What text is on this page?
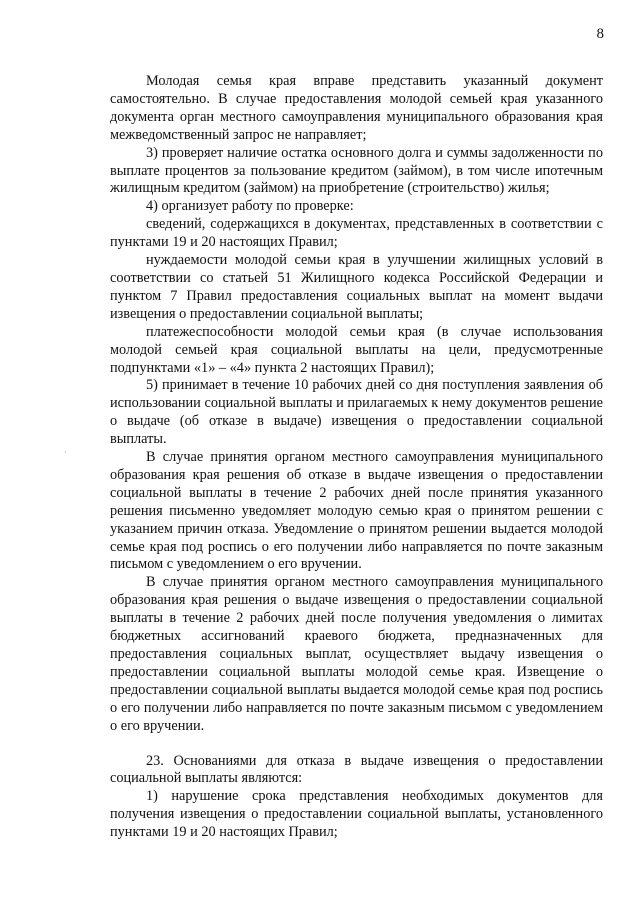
8
·

Молодая семья края вправе представить указанный документ самостоятельно. В случае предоставления молодой семьей края указанного документа орган местного самоуправления муниципального образования края межведомственный запрос не направляет;

3) проверяет наличие остатка основного долга и суммы задолженности по выплате процентов за пользование кредитом (займом), в том числе ипотечным жилищным кредитом (займом) на приобретение (строительство) жилья;

4) организует работу по проверке:

сведений, содержащихся в документах, представленных в соответствии с пунктами 19 и 20 настоящих Правил;

нуждаемости молодой семьи края в улучшении жилищных условий в соответствии со статьей 51 Жилищного кодекса Российской Федерации и пунктом 7 Правил предоставления социальных выплат на момент выдачи извещения о предоставлении социальной выплаты;

платежеспособности молодой семьи края (в случае использования молодой семьей края социальной выплаты на цели, предусмотренные подпунктами «1» – «4» пункта 2 настоящих Правил);

5) принимает в течение 10 рабочих дней со дня поступления заявления об использовании социальной выплаты и прилагаемых к нему документов решение о выдаче (об отказе в выдаче) извещения о предоставлении социальной выплаты.

В случае принятия органом местного самоуправления муниципального образования края решения об отказе в выдаче извещения о предоставлении социальной выплаты в течение 2 рабочих дней после принятия указанного решения письменно уведомляет молодую семью края о принятом решении с указанием причин отказа. Уведомление о принятом решении выдается молодой семье края под роспись о его получении либо направляется по почте заказным письмом с уведомлением о его вручении.

В случае принятия органом местного самоуправления муниципального образования края решения о выдаче извещения о предоставлении социальной выплаты в течение 2 рабочих дней после получения уведомления о лимитах бюджетных ассигнований краевого бюджета, предназначенных для предоставления социальных выплат, осуществляет выдачу извещения о предоставлении социальной выплаты молодой семье края. Извещение о предоставлении социальной выплаты выдается молодой семье края под роспись о его получении либо направляется по почте заказным письмом с уведомлением о его вручении.

23. Основаниями для отказа в выдаче извещения о предоставлении социальной выплаты являются:

1) нарушение срока представления необходимых документов для получения извещения о предоставлении социальной выплаты, установленного пунктами 19 и 20 настоящих Правил;
